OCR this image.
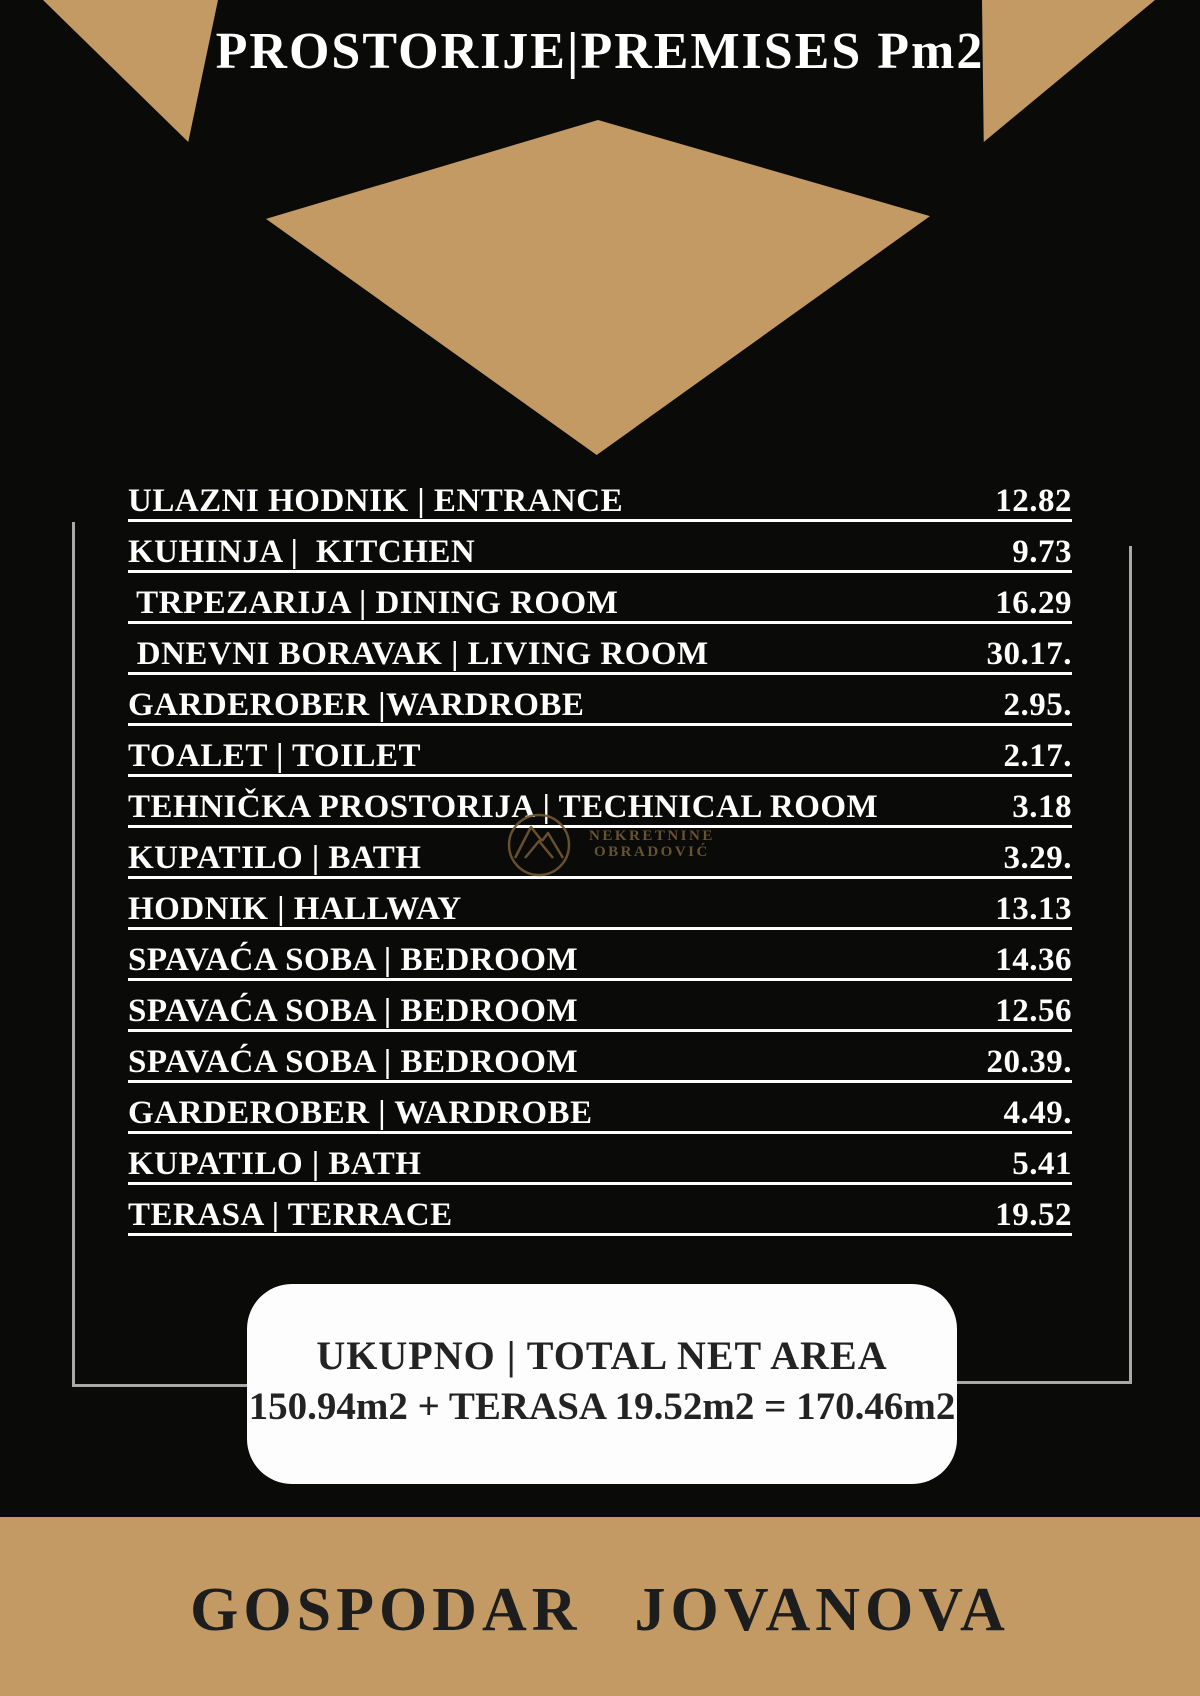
PROSTORIJE|PREMISES Pm2
ULAZNI HODNIK | ENTRANCE	12.82
KUHINJA |  KITCHEN	9.73
TRPEZARIJA | DINING ROOM	16.29
DNEVNI BORAVAK | LIVING ROOM	30.17.
GARDEROBER |WARDROBE	2.95.
TOALET | TOILET	2.17.
TEHNIČKA PROSTORIJA | TECHNICAL ROOM	3.18
KUPATILO | BATH	3.29.
HODNIK | HALLWAY	13.13
SPAVAĆA SOBA | BEDROOM	14.36
SPAVAĆA SOBA | BEDROOM	12.56
SPAVAĆA SOBA | BEDROOM	20.39.
GARDEROBER | WARDROBE	4.49.
KUPATILO | BATH	5.41
TERASA | TERRACE	19.52
NEKRETNINE
OBRADOVIĆ
UKUPNO | TOTAL NET AREA
150.94m2 + TERASA 19.52m2 = 170.46m2
GOSPODAR  JOVANOVA
